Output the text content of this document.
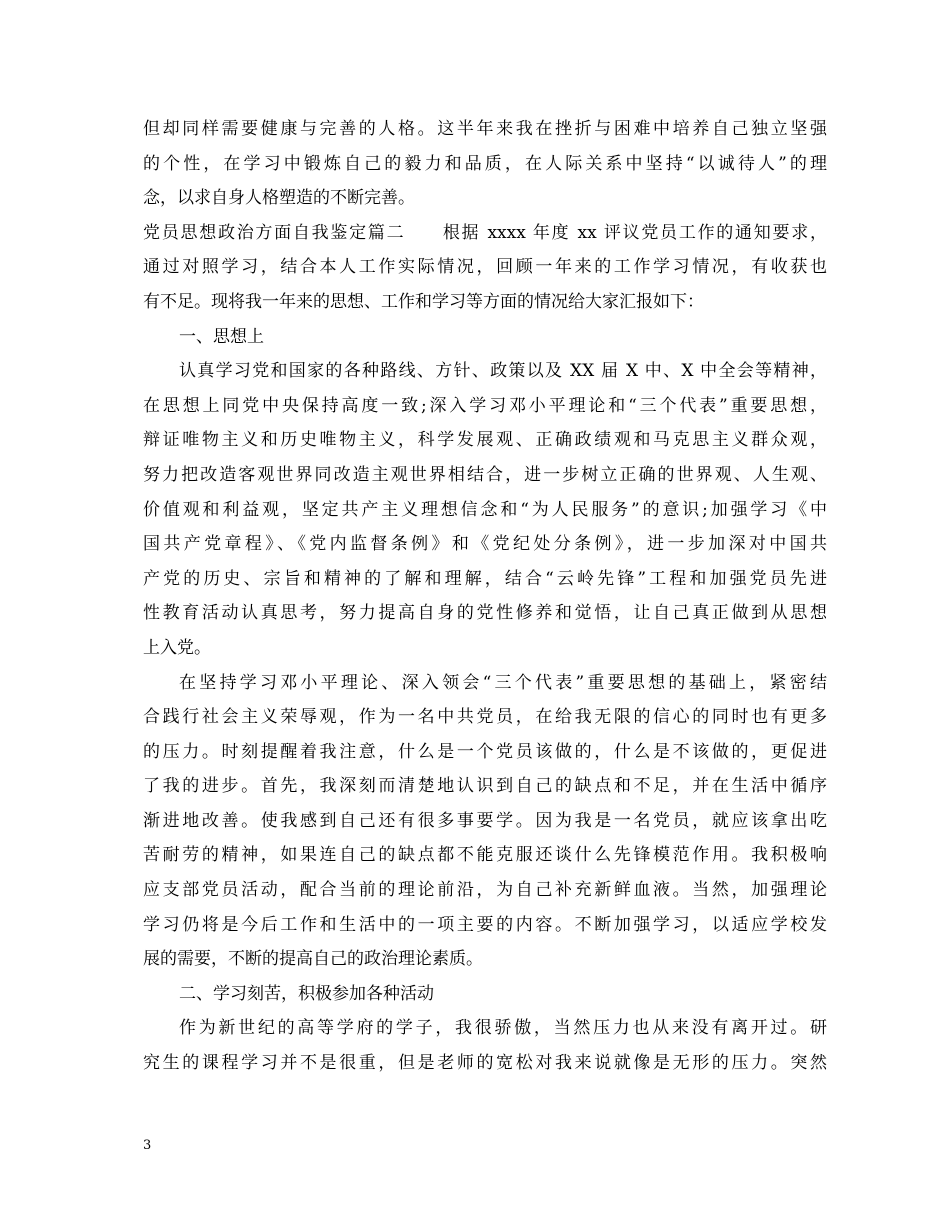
但却同样需要健康与完善的人格。这半年来我在挫折与困难中培养自己独立坚强
的个性，在学习中锻炼自己的毅力和品质，在人际关系中坚持“以诚待人”的理
念，以求自身人格塑造的不断完善。
党员思想政治方面自我鉴定篇二　　根据 xxxx 年度 xx 评议党员工作的通知要求，
通过对照学习，结合本人工作实际情况，回顾一年来的工作学习情况，有收获也
有不足。现将我一年来的思想、工作和学习等方面的情况给大家汇报如下：
一、思想上
认真学习党和国家的各种路线、方针、政策以及 XX 届 X 中、X 中全会等精神，
在思想上同党中央保持高度一致;深入学习邓小平理论和“三个代表”重要思想，
辩证唯物主义和历史唯物主义，科学发展观、正确政绩观和马克思主义群众观，
努力把改造客观世界同改造主观世界相结合，进一步树立正确的世界观、人生观、
价值观和利益观，坚定共产主义理想信念和“为人民服务”的意识;加强学习《中
国共产党章程》、《党内监督条例》和《党纪处分条例》，进一步加深对中国共
产党的历史、宗旨和精神的了解和理解，结合“云岭先锋”工程和加强党员先进
性教育活动认真思考，努力提高自身的党性修养和觉悟，让自己真正做到从思想
上入党。
在坚持学习邓小平理论、深入领会“三个代表”重要思想的基础上，紧密结
合践行社会主义荣辱观，作为一名中共党员，在给我无限的信心的同时也有更多
的压力。时刻提醒着我注意，什么是一个党员该做的，什么是不该做的，更促进
了我的进步。首先，我深刻而清楚地认识到自己的缺点和不足，并在生活中循序
渐进地改善。使我感到自己还有很多事要学。因为我是一名党员，就应该拿出吃
苦耐劳的精神，如果连自己的缺点都不能克服还谈什么先锋模范作用。我积极响
应支部党员活动，配合当前的理论前沿，为自己补充新鲜血液。当然，加强理论
学习仍将是今后工作和生活中的一项主要的内容。不断加强学习，以适应学校发
展的需要，不断的提高自己的政治理论素质。
二、学习刻苦，积极参加各种活动
作为新世纪的高等学府的学子，我很骄傲，当然压力也从来没有离开过。研
究生的课程学习并不是很重，但是老师的宽松对我来说就像是无形的压力。突然
3
